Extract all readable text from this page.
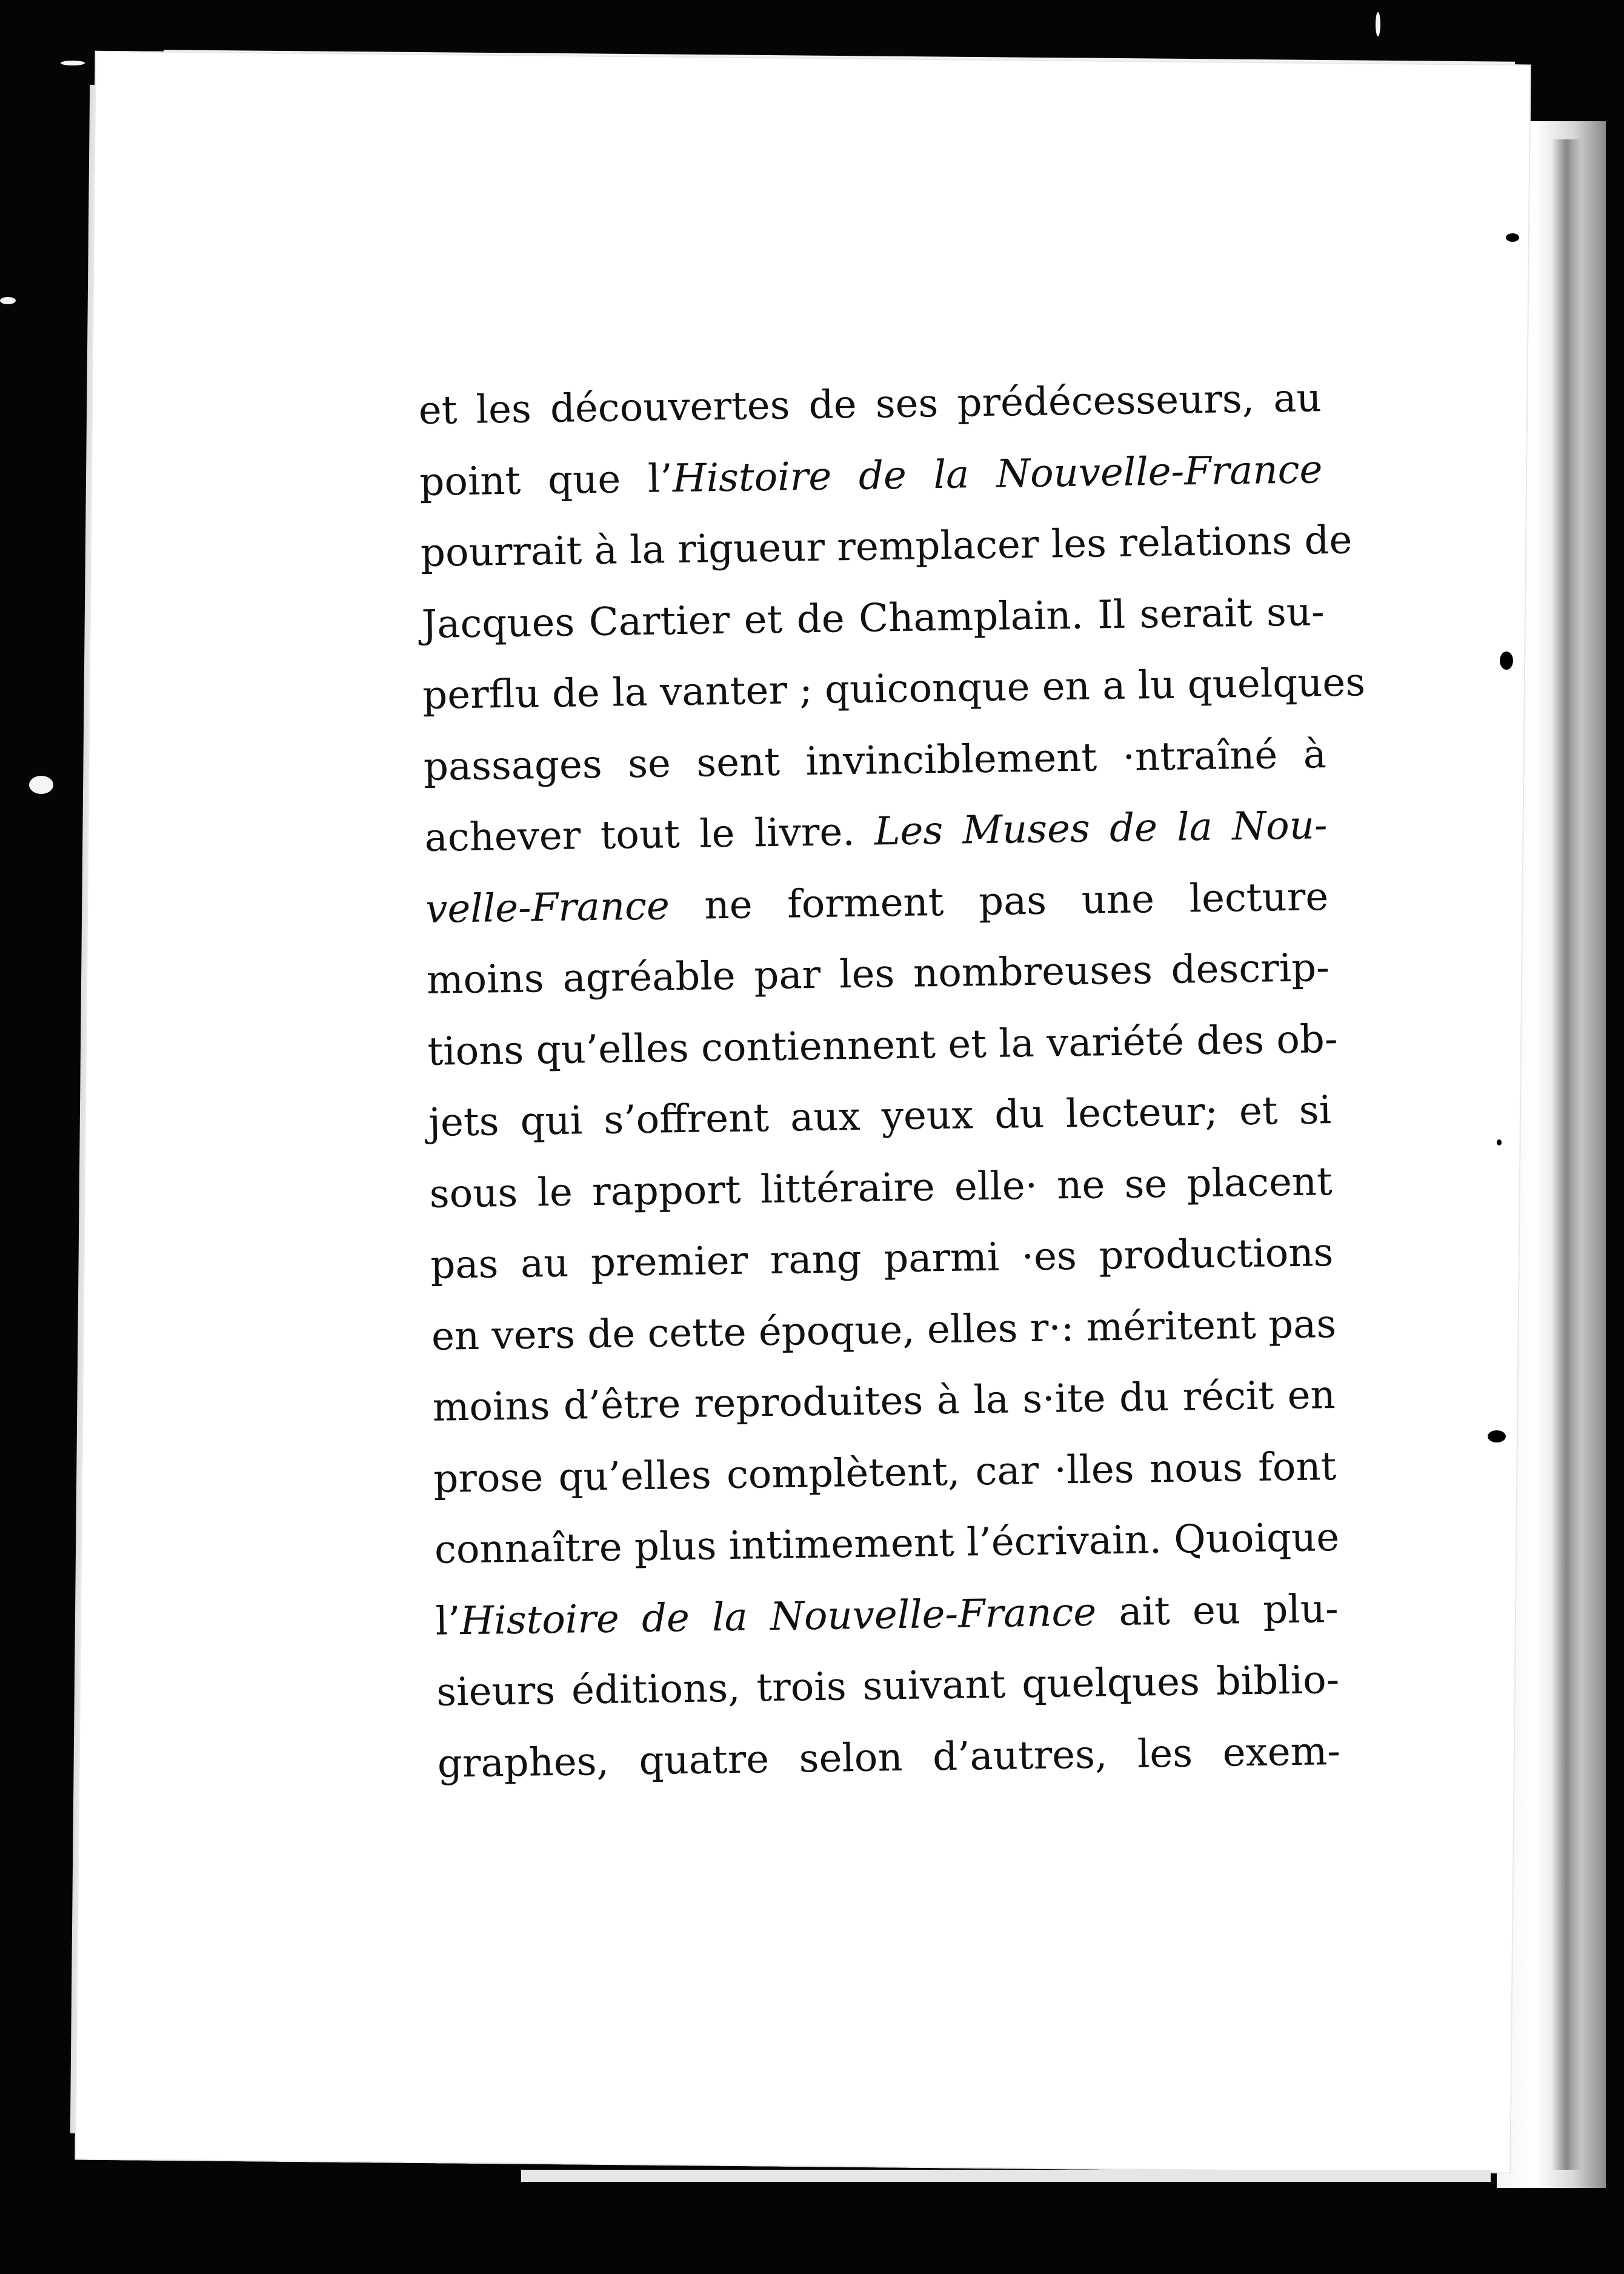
et les découvertes de ses prédécesseurs, au
point que l’Histoire de la Nouvelle-France
pourrait à la rigueur remplacer les relations de
Jacques Cartier et de Champlain. Il serait su-
perflu de la vanter ; quiconque en a lu quelques
passages se sent invinciblement ·ntraîné à
achever tout le livre. Les Muses de la Nou-
velle-France ne forment pas une lecture
moins agréable par les nombreuses descrip-
tions qu’elles contiennent et la variété des ob-
jets qui s’offrent aux yeux du lecteur; et si
sous le rapport littéraire elle· ne se placent
pas au premier rang parmi ·es productions
en vers de cette époque, elles r·: méritent pas
moins d’être reproduites à la s·ite du récit en
prose qu’elles complètent, car ·lles nous font
connaître plus intimement l’écrivain. Quoique
l’Histoire de la Nouvelle-France ait eu plu-
sieurs éditions, trois suivant quelques biblio-
graphes, quatre selon d’autres, les exem-
